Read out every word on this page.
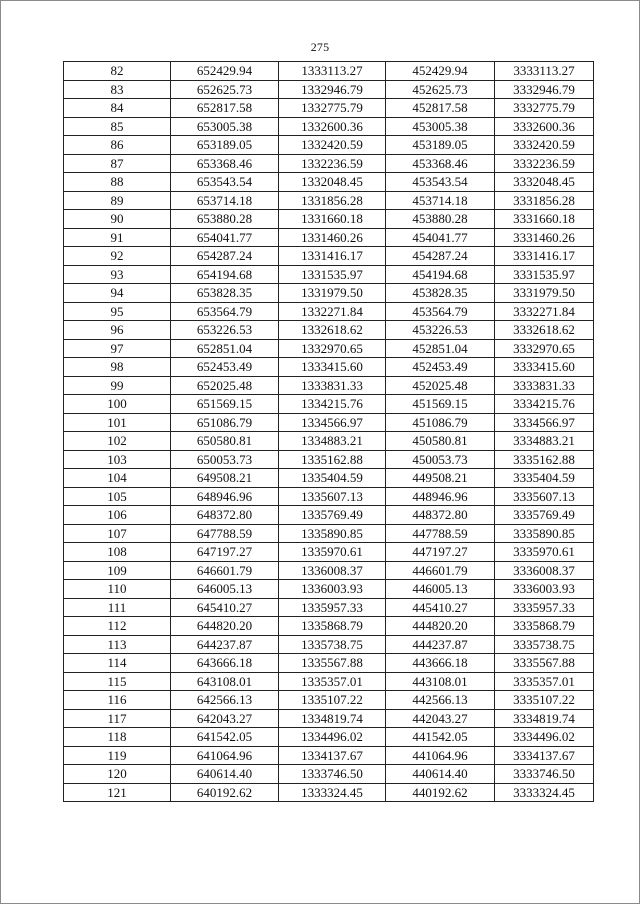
275
82	652429.94	1333113.27	452429.94	3333113.27
83	652625.73	1332946.79	452625.73	3332946.79
84	652817.58	1332775.79	452817.58	3332775.79
85	653005.38	1332600.36	453005.38	3332600.36
86	653189.05	1332420.59	453189.05	3332420.59
87	653368.46	1332236.59	453368.46	3332236.59
88	653543.54	1332048.45	453543.54	3332048.45
89	653714.18	1331856.28	453714.18	3331856.28
90	653880.28	1331660.18	453880.28	3331660.18
91	654041.77	1331460.26	454041.77	3331460.26
92	654287.24	1331416.17	454287.24	3331416.17
93	654194.68	1331535.97	454194.68	3331535.97
94	653828.35	1331979.50	453828.35	3331979.50
95	653564.79	1332271.84	453564.79	3332271.84
96	653226.53	1332618.62	453226.53	3332618.62
97	652851.04	1332970.65	452851.04	3332970.65
98	652453.49	1333415.60	452453.49	3333415.60
99	652025.48	1333831.33	452025.48	3333831.33
100	651569.15	1334215.76	451569.15	3334215.76
101	651086.79	1334566.97	451086.79	3334566.97
102	650580.81	1334883.21	450580.81	3334883.21
103	650053.73	1335162.88	450053.73	3335162.88
104	649508.21	1335404.59	449508.21	3335404.59
105	648946.96	1335607.13	448946.96	3335607.13
106	648372.80	1335769.49	448372.80	3335769.49
107	647788.59	1335890.85	447788.59	3335890.85
108	647197.27	1335970.61	447197.27	3335970.61
109	646601.79	1336008.37	446601.79	3336008.37
110	646005.13	1336003.93	446005.13	3336003.93
111	645410.27	1335957.33	445410.27	3335957.33
112	644820.20	1335868.79	444820.20	3335868.79
113	644237.87	1335738.75	444237.87	3335738.75
114	643666.18	1335567.88	443666.18	3335567.88
115	643108.01	1335357.01	443108.01	3335357.01
116	642566.13	1335107.22	442566.13	3335107.22
117	642043.27	1334819.74	442043.27	3334819.74
118	641542.05	1334496.02	441542.05	3334496.02
119	641064.96	1334137.67	441064.96	3334137.67
120	640614.40	1333746.50	440614.40	3333746.50
121	640192.62	1333324.45	440192.62	3333324.45
